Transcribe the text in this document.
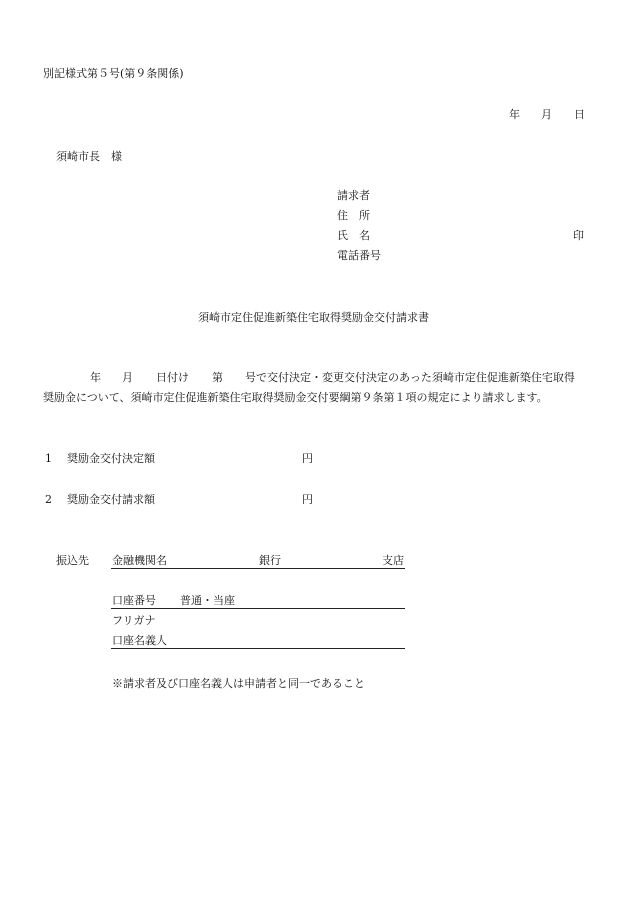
別記様式第５号(第９条関係)
年 月 日
須崎市長　様
請求者
住　所
氏　名	印
電話番号
須崎市定住促進新築住宅取得奨励金交付請求書
年 月 日付け 第 号で交付決定・変更交付決定のあった須崎市定住促進新築住宅取得
奨励金について、須崎市定住促進新築住宅取得奨励金交付要綱第９条第１項の規定により請求します。
1 奨励金交付決定額	円
2 奨励金交付請求額	円
振込先 金融機関名	銀行	支店
口座番号 普通・当座
フリガナ
口座名義人
※請求者及び口座名義人は申請者と同一であること
